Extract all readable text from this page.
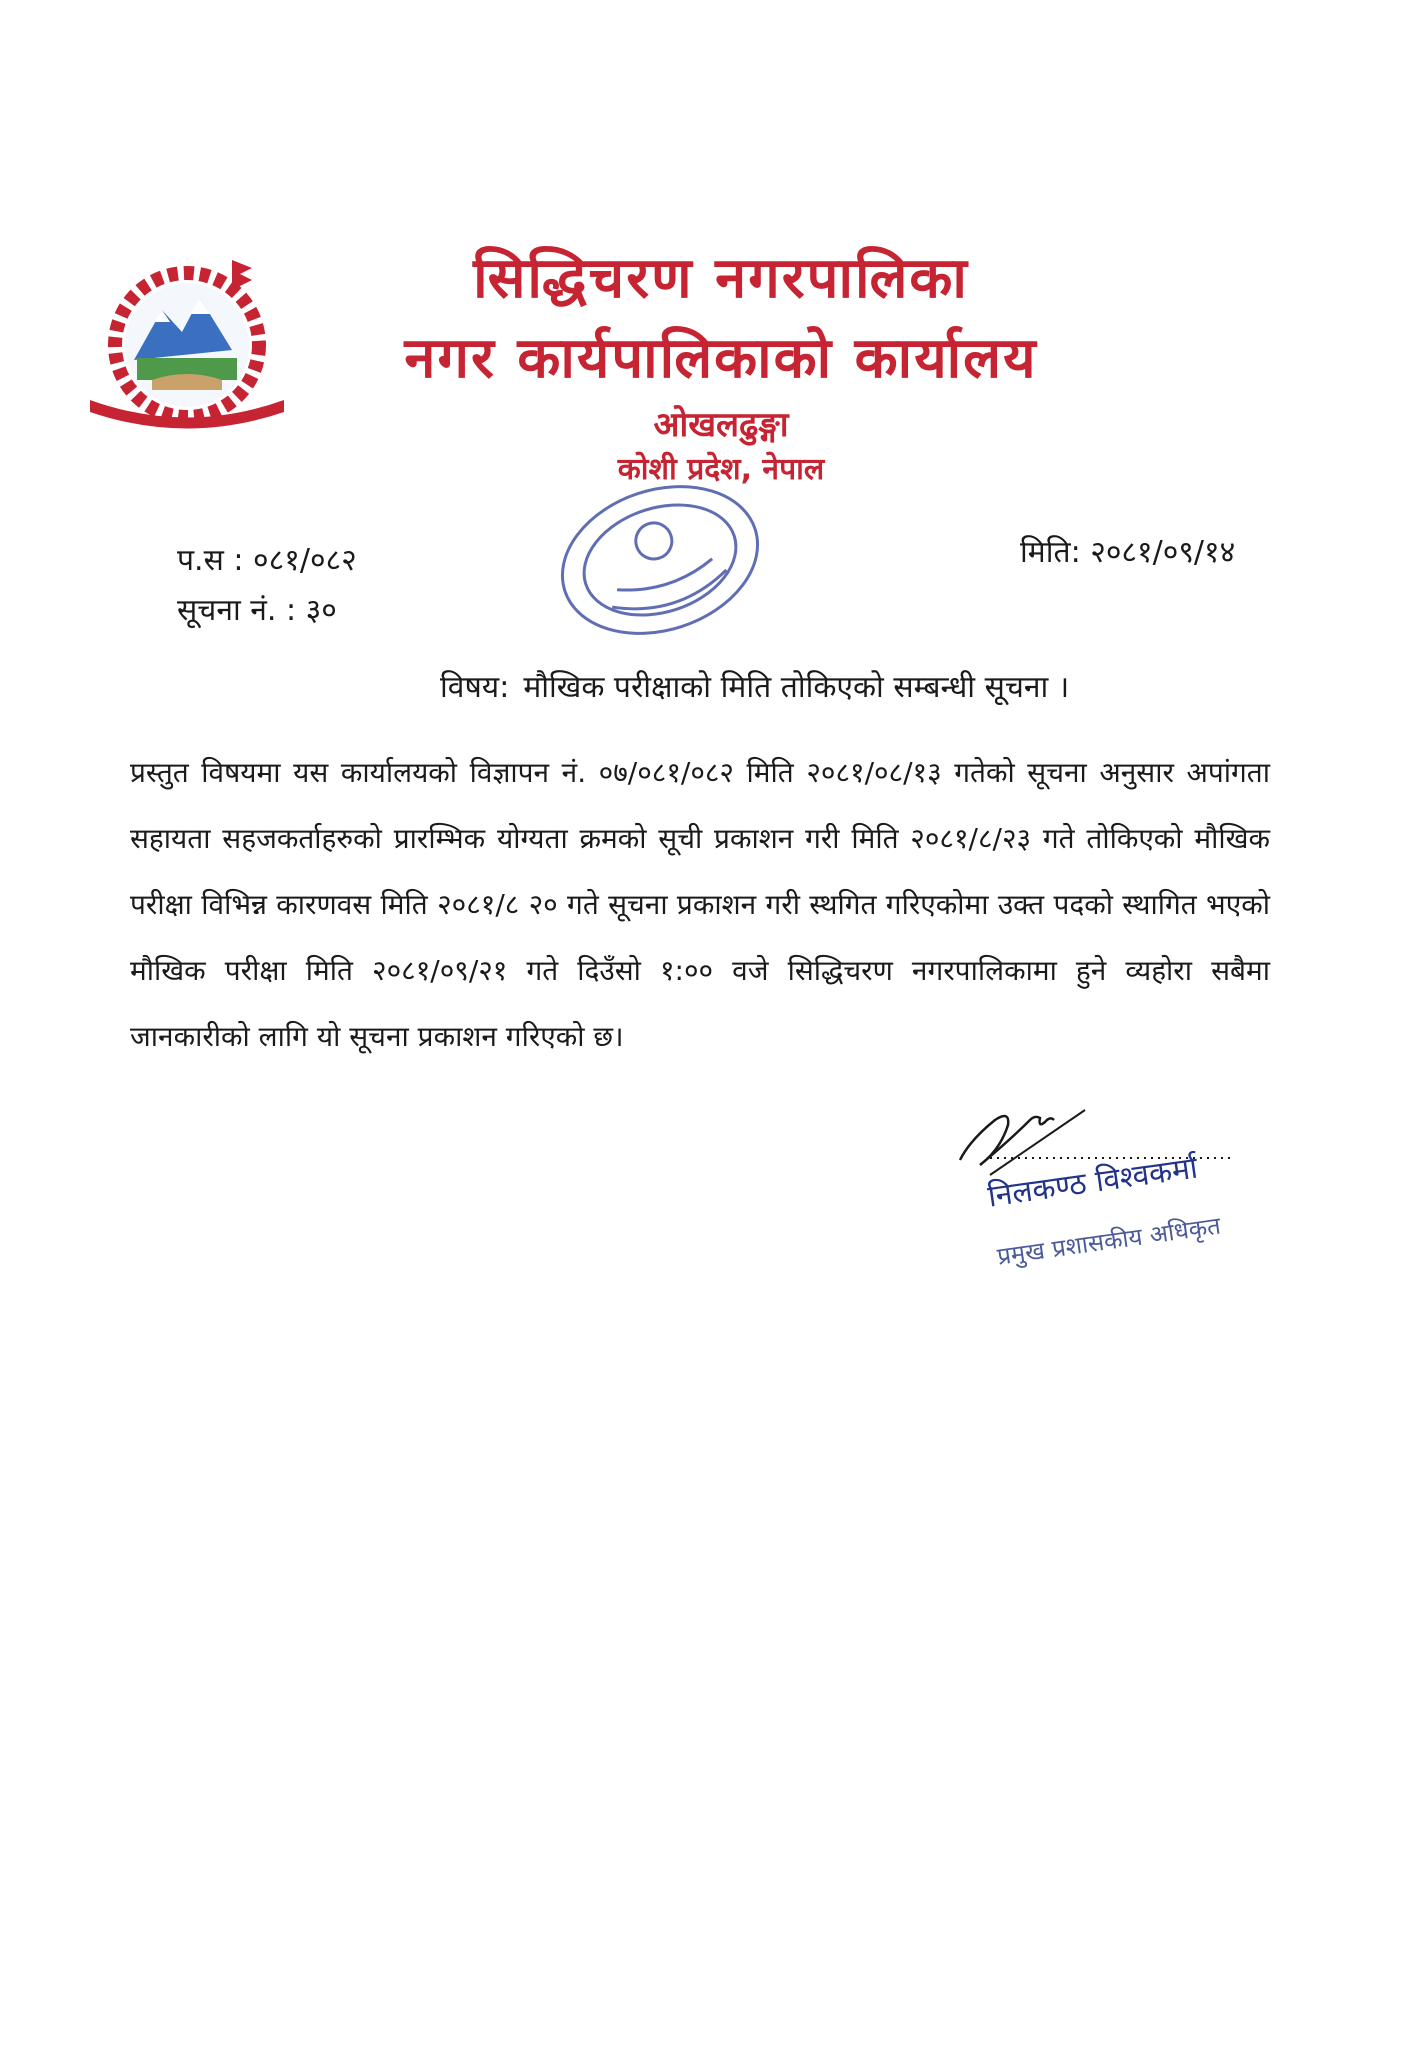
सिद्धिचरण नगरपालिका
नगर कार्यपालिकाको कार्यालय
ओखलढुङ्गा
कोशी प्रदेश, नेपाल
प.स : ०८१/०८२
सूचना नं. : ३०
मिति: २०८१/०९/१४
विषय: मौखिक परीक्षाको मिति तोकिएको सम्बन्धी सूचना ।
प्रस्तुत विषयमा यस कार्यालयको विज्ञापन नं. ०७/०८१/०८२ मिति २०८१/०८/१३ गतेको सूचना अनुसार अपांगता सहायता सहजकर्ताहरुको प्रारम्भिक योग्यता क्रमको सूची प्रकाशन गरी मिति २०८१/८/२३ गते तोकिएको मौखिक परीक्षा विभिन्न कारणवस मिति २०८१/८ २० गते सूचना प्रकाशन गरी स्थगित गरिएकोमा उक्त पदको स्थागित भएको मौखिक परीक्षा मिति २०८१/०९/२१ गते दिउँसो १:०० वजे सिद्धिचरण नगरपालिकामा हुने व्यहोरा सबैमा जानकारीको लागि यो सूचना प्रकाशन गरिएको छ।
निलकण्ठ विश्वकर्मा
प्रमुख प्रशासकीय अधिकृत
